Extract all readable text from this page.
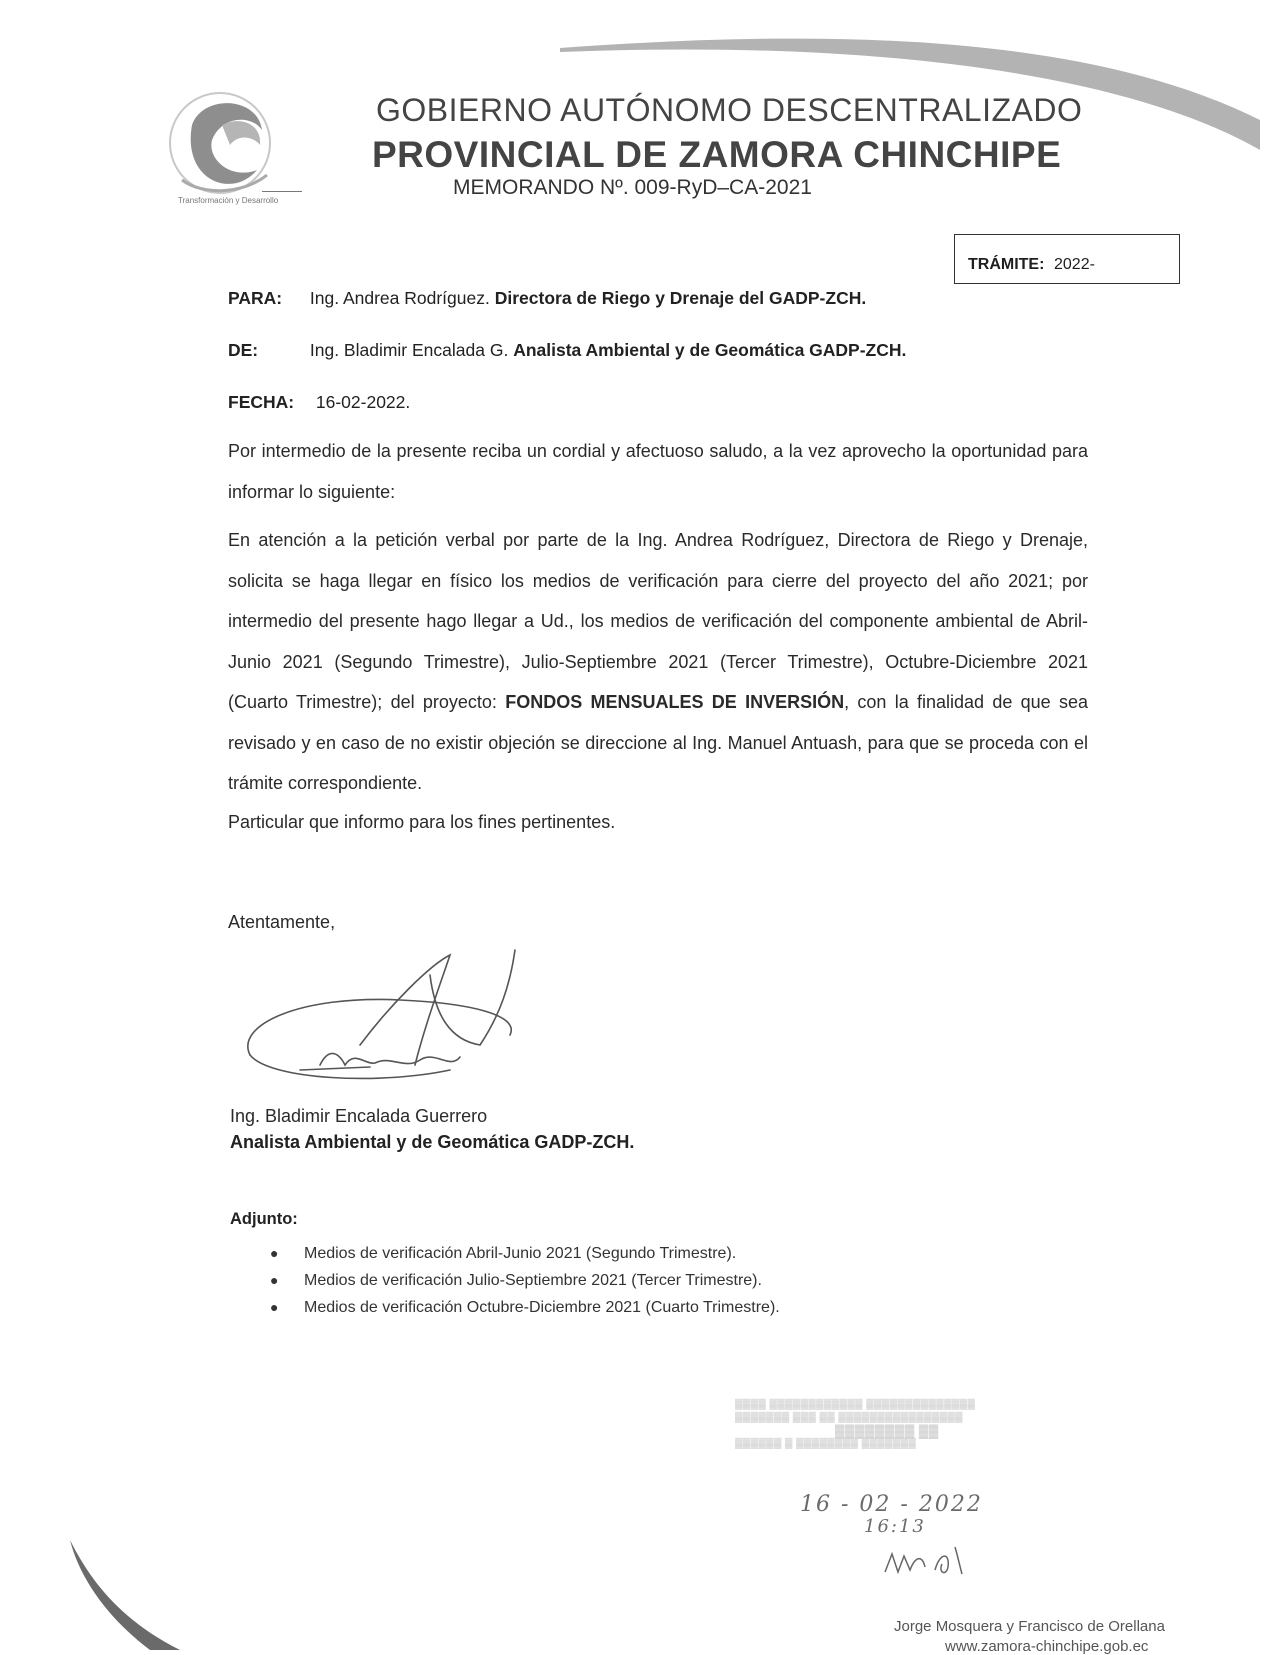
Transformación y Desarrollo
GOBIERNO AUTÓNOMO DESCENTRALIZADO
PROVINCIAL DE ZAMORA CHINCHIPE
MEMORANDO Nº. 009-RyD–CA-2021
TRÁMITE: 2022-
PARA: Ing. Andrea Rodríguez. Directora de Riego y Drenaje del GADP-ZCH.
DE:	Ing. Bladimir Encalada G. Analista Ambiental y de Geomática GADP-ZCH.
FECHA: 16-02-2022.
Por intermedio de la presente reciba un cordial y afectuoso saludo, a la vez aprovecho la oportunidad para informar lo siguiente:
En atención a la petición verbal por parte de la Ing. Andrea Rodríguez, Directora de Riego y Drenaje, solicita se haga llegar en físico los medios de verificación para cierre del proyecto del año 2021; por intermedio del presente hago llegar a Ud., los medios de verificación del componente ambiental de Abril-Junio 2021 (Segundo Trimestre), Julio-Septiembre 2021 (Tercer Trimestre), Octubre-Diciembre 2021 (Cuarto Trimestre); del proyecto: FONDOS MENSUALES DE INVERSIÓN, con la finalidad de que sea revisado y en caso de no existir objeción se direccione al Ing. Manuel Antuash, para que se proceda con el trámite correspondiente.
Particular que informo para los fines pertinentes.
Atentamente,
Ing. Bladimir Encalada Guerrero
Analista Ambiental y de Geomática GADP-ZCH.
Adjunto:
● Medios de verificación Abril-Junio 2021 (Segundo Trimestre).
● Medios de verificación Julio-Septiembre 2021 (Tercer Trimestre).
● Medios de verificación Octubre-Diciembre 2021 (Cuarto Trimestre).
▓▓▓▓ ▓▓▓▓▓▓▓▓▓▓▓▓ ▓▓▓▓▓▓▓▓▓▓▓▓▓▓
▓▓▓▓▓▓▓ ▓▓▓ ▓▓ ▓▓▓▓▓▓▓▓▓▓▓▓▓▓▓▓
▓▓▓▓▓▓▓▓ ▓▓
▓▓▓▓▓▓ ▓ ▓▓▓▓▓▓▓▓ ▓▓▓▓▓▓▓
16 - 02 - 2022
16:13
Jorge Mosquera y Francisco de Orellana
www.zamora-chinchipe.gob.ec
